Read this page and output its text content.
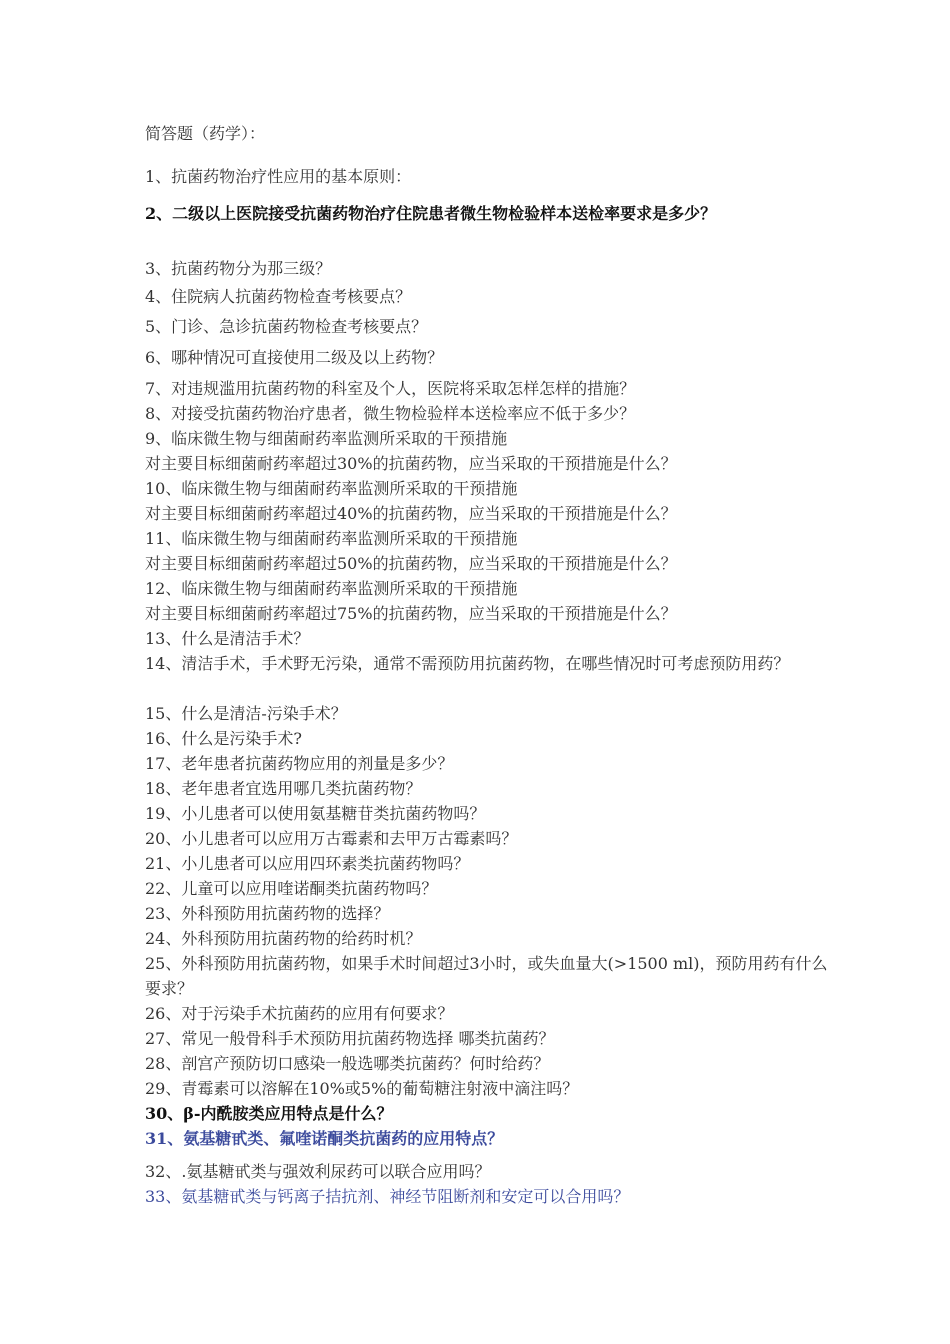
简答题（药学）：
1、抗菌药物治疗性应用的基本原则：
2、二级以上医院接受抗菌药物治疗住院患者微生物检验样本送检率要求是多少？
3、抗菌药物分为那三级？
4、住院病人抗菌药物检查考核要点？
5、门诊、急诊抗菌药物检查考核要点？
6、哪种情况可直接使用二级及以上药物？
7、对违规滥用抗菌药物的科室及个人，医院将采取怎样怎样的措施？
8、对接受抗菌药物治疗患者，微生物检验样本送检率应不低于多少？
9、临床微生物与细菌耐药率监测所采取的干预措施
对主要目标细菌耐药率超过30%的抗菌药物，应当采取的干预措施是什么？
10、临床微生物与细菌耐药率监测所采取的干预措施
对主要目标细菌耐药率超过40%的抗菌药物，应当采取的干预措施是什么？
11、临床微生物与细菌耐药率监测所采取的干预措施
对主要目标细菌耐药率超过50%的抗菌药物，应当采取的干预措施是什么？
12、临床微生物与细菌耐药率监测所采取的干预措施
对主要目标细菌耐药率超过75%的抗菌药物，应当采取的干预措施是什么？
13、什么是清洁手术？
14、清洁手术，手术野无污染，通常不需预防用抗菌药物，在哪些情况时可考虑预防用药？
15、什么是清洁-污染手术？
16、什么是污染手术?
17、老年患者抗菌药物应用的剂量是多少？
18、老年患者宜选用哪几类抗菌药物？
19、小儿患者可以使用氨基糖苷类抗菌药物吗？
20、小儿患者可以应用万古霉素和去甲万古霉素吗？
21、小儿患者可以应用四环素类抗菌药物吗？
22、儿童可以应用喹诺酮类抗菌药物吗？
23、外科预防用抗菌药物的选择？
24、外科预防用抗菌药物的给药时机？
25、外科预防用抗菌药物，如果手术时间超过3小时，或失血量大(>1500 ml)，预防用药有什么要求？
26、对于污染手术抗菌药的应用有何要求？
27、常见一般骨科手术预防用抗菌药物选择 哪类抗菌药？
28、剖宫产预防切口感染一般选哪类抗菌药？何时给药？
29、青霉素可以溶解在10%或5%的葡萄糖注射液中滴注吗？
30、β-内酰胺类应用特点是什么？
31、氨基糖甙类、氟喹诺酮类抗菌药的应用特点？
32、.氨基糖甙类与强效利尿药可以联合应用吗？
33、氨基糖甙类与钙离子拮抗剂、神经节阻断剂和安定可以合用吗？
